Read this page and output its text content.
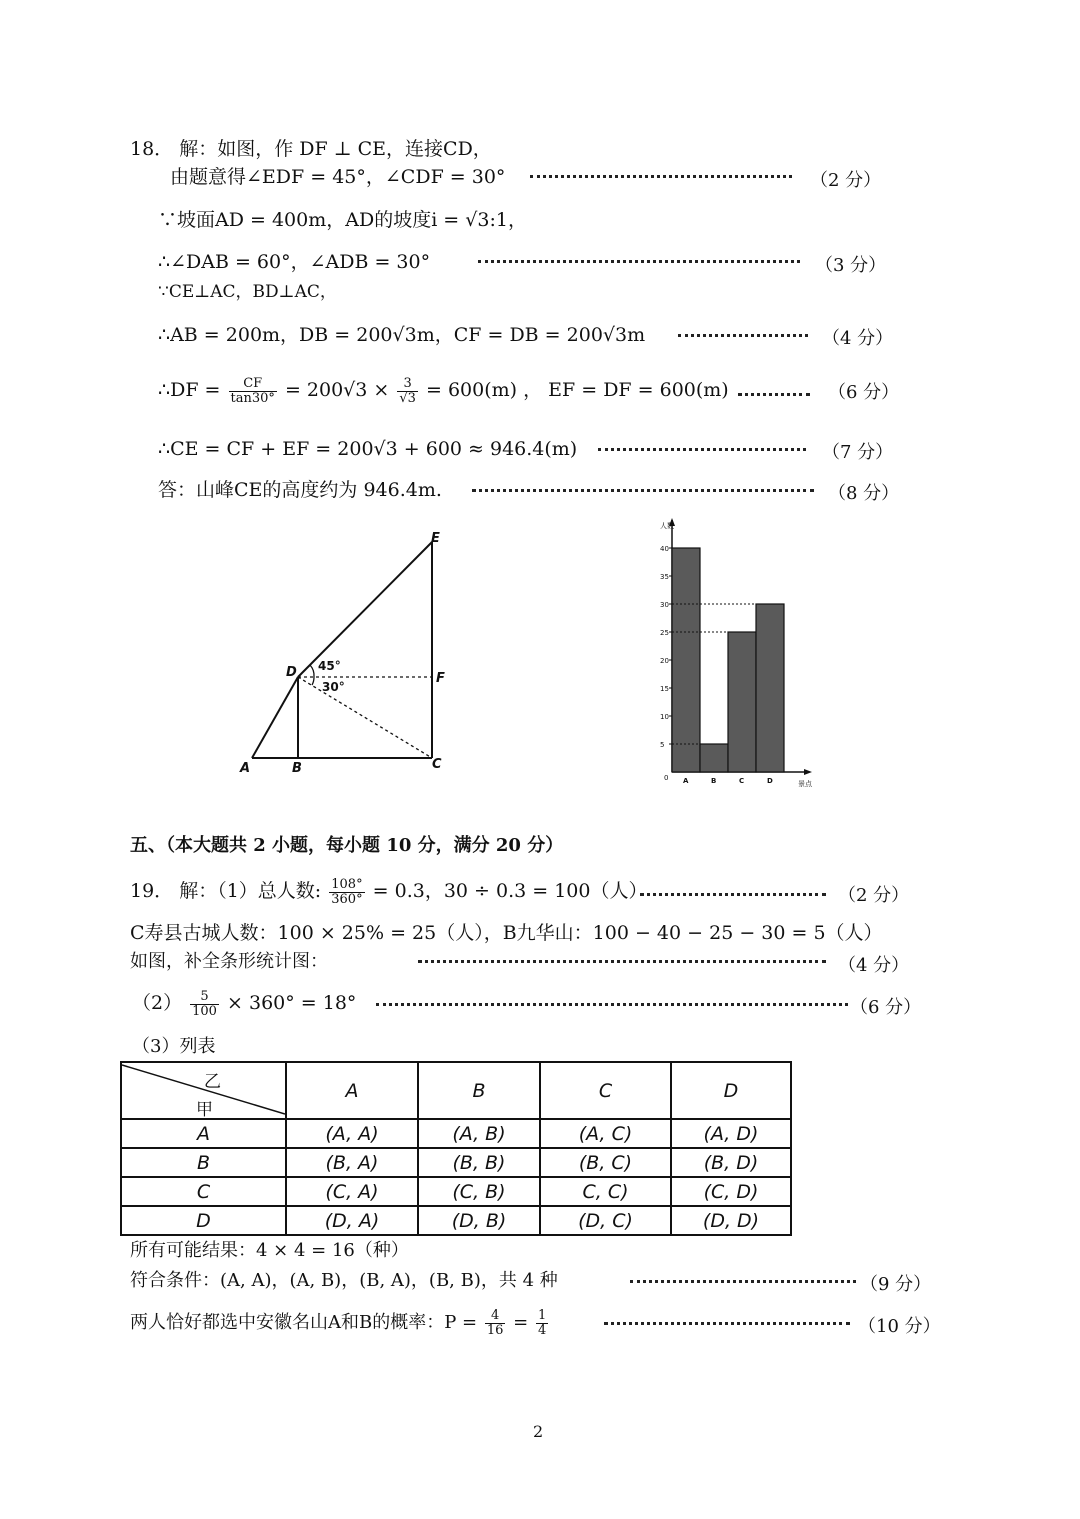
18． 解：如图，作 DF ⊥ CE，连接CD，
由题意得∠EDF = 45°，∠CDF = 30°	（2 分）
∵坡面AD = 400m，AD的坡度i = √3:1，
∴∠DAB = 60°，∠ADB = 30°	（3 分）
∵CE⊥AC，BD⊥AC，
∴AB = 200m，DB = 200√3m，CF = DB = 200√3m	（4 分）
∴DF = $\frac{CF}{\tan 30^\circ} = 200√3 \times \frac{3}{√3} = 600(m)$ ， EF = DF = 600(m)	（6 分）
∴CE = CF + EF = 200√3 + 600 ≈ 946.4(m)	（7 分）
答：山峰CE的高度约为 946.4m.	（8 分）
A	B	C
D
E
F
45°
30°
0
5
10
15
20
25
30
35
40
A	B	C	D
人数
景点
五、（本大题共 2 小题，每小题 10 分，满分 20 分）
19． 解：（1）总人数: $\frac{108^\circ}{360^\circ} = 0.3$，30 ÷ 0.3 = 100（人）	（2 分）
C寿县古城人数：100 × 25% = 25（人），B九华山：100 − 40 − 25 − 30 = 5（人）
如图，补全条形统计图：	（4 分）
$(2) \frac{5}{100} \times 360^\circ = 18^\circ$	（6 分）
（3）列表
乙
甲	A	B	C	D
A	(A, A)	(A, B)	(A, C)	(A, D)
B	(B, A)	(B, B)	(B, C)	(B, D)
C	(C, A)	(C, B)	C, C)	(C, D)
D	(D, A)	(D, B)	(D, C)	(D, D)
所有可能结果：4 × 4 = 16（种）
符合条件：(A, A)，(A, B)，(B, A)，(B, B)，共 4 种	（9 分）
两人恰好都选中安徽名山A和B的概率：$P = \frac{4}{16} = \frac{1}{4}$	（10 分）
2
